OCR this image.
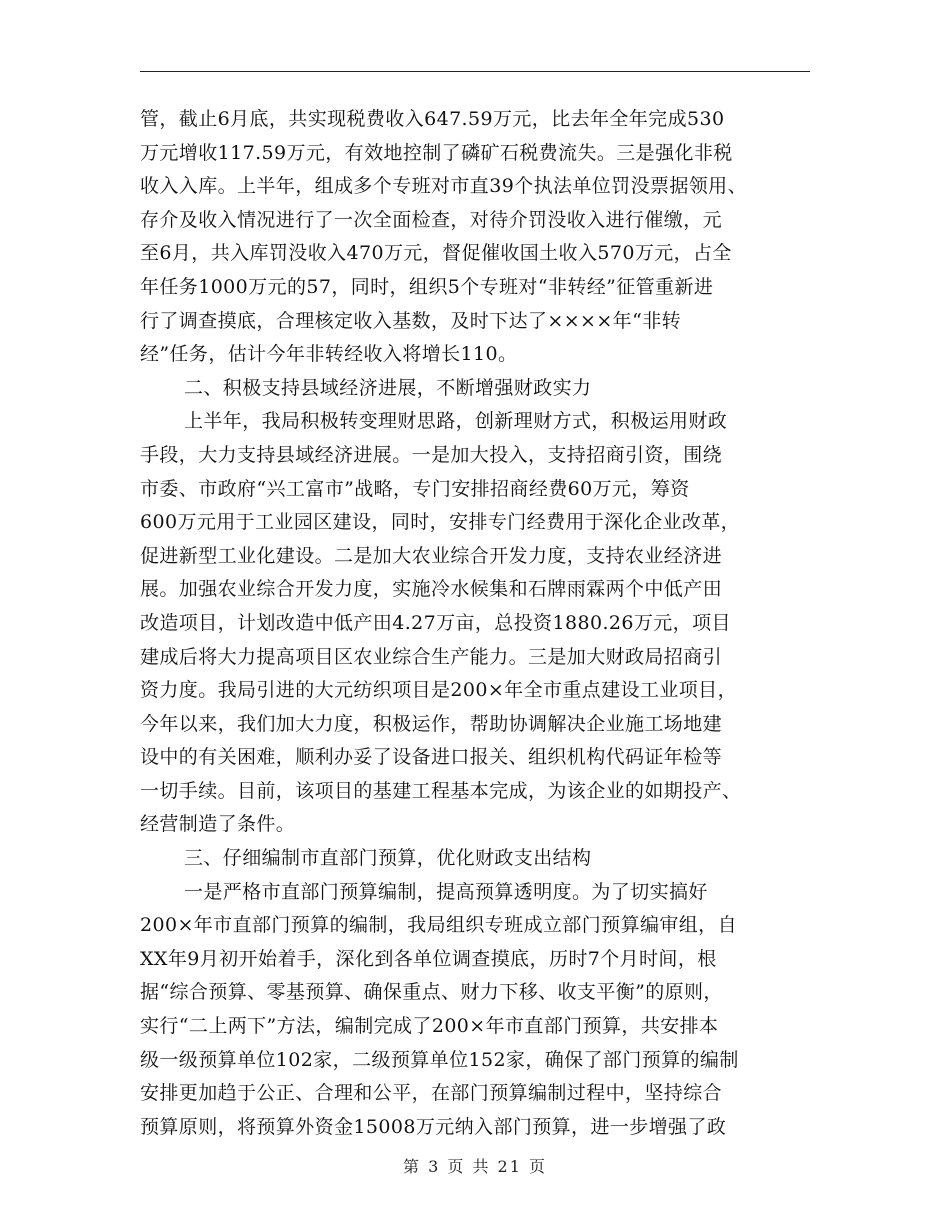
管，截止6月底，共实现税费收入647.59万元，比去年全年完成530
万元增收117.59万元，有效地控制了磷矿石税费流失。三是强化非税
收入入库。上半年，组成多个专班对市直39个执法单位罚没票据领用、
存介及收入情况进行了一次全面检查，对待介罚没收入进行催缴，元
至6月，共入库罚没收入470万元，督促催收国土收入570万元，占全
年任务1000万元的57，同时，组织5个专班对“非转经”征管重新进
行了调查摸底，合理核定收入基数，及时下达了××××年“非转
经”任务，估计今年非转经收入将增长110。
二、积极支持县域经济进展，不断增强财政实力
上半年，我局积极转变理财思路，创新理财方式，积极运用财政
手段，大力支持县域经济进展。一是加大投入，支持招商引资，围绕
市委、市政府“兴工富市”战略，专门安排招商经费60万元，筹资
600万元用于工业园区建设，同时，安排专门经费用于深化企业改革，
促进新型工业化建设。二是加大农业综合开发力度，支持农业经济进
展。加强农业综合开发力度，实施冷水候集和石牌雨霖两个中低产田
改造项目，计划改造中低产田4.27万亩，总投资1880.26万元，项目
建成后将大力提高项目区农业综合生产能力。三是加大财政局招商引
资力度。我局引进的大元纺织项目是200×年全市重点建设工业项目，
今年以来，我们加大力度，积极运作，帮助协调解决企业施工场地建
设中的有关困难，顺利办妥了设备进口报关、组织机构代码证年检等
一切手续。目前，该项目的基建工程基本完成，为该企业的如期投产、
经营制造了条件。
三、仔细编制市直部门预算，优化财政支出结构
一是严格市直部门预算编制，提高预算透明度。为了切实搞好
200×年市直部门预算的编制，我局组织专班成立部门预算编审组，自
XX年9月初开始着手，深化到各单位调查摸底，历时7个月时间，根
据“综合预算、零基预算、确保重点、财力下移、收支平衡”的原则，
实行“二上两下”方法，编制完成了200×年市直部门预算，共安排本
级一级预算单位102家，二级预算单位152家，确保了部门预算的编制
安排更加趋于公正、合理和公平，在部门预算编制过程中，坚持综合
预算原则，将预算外资金15008万元纳入部门预算，进一步增强了政
第 3 页 共 21 页
